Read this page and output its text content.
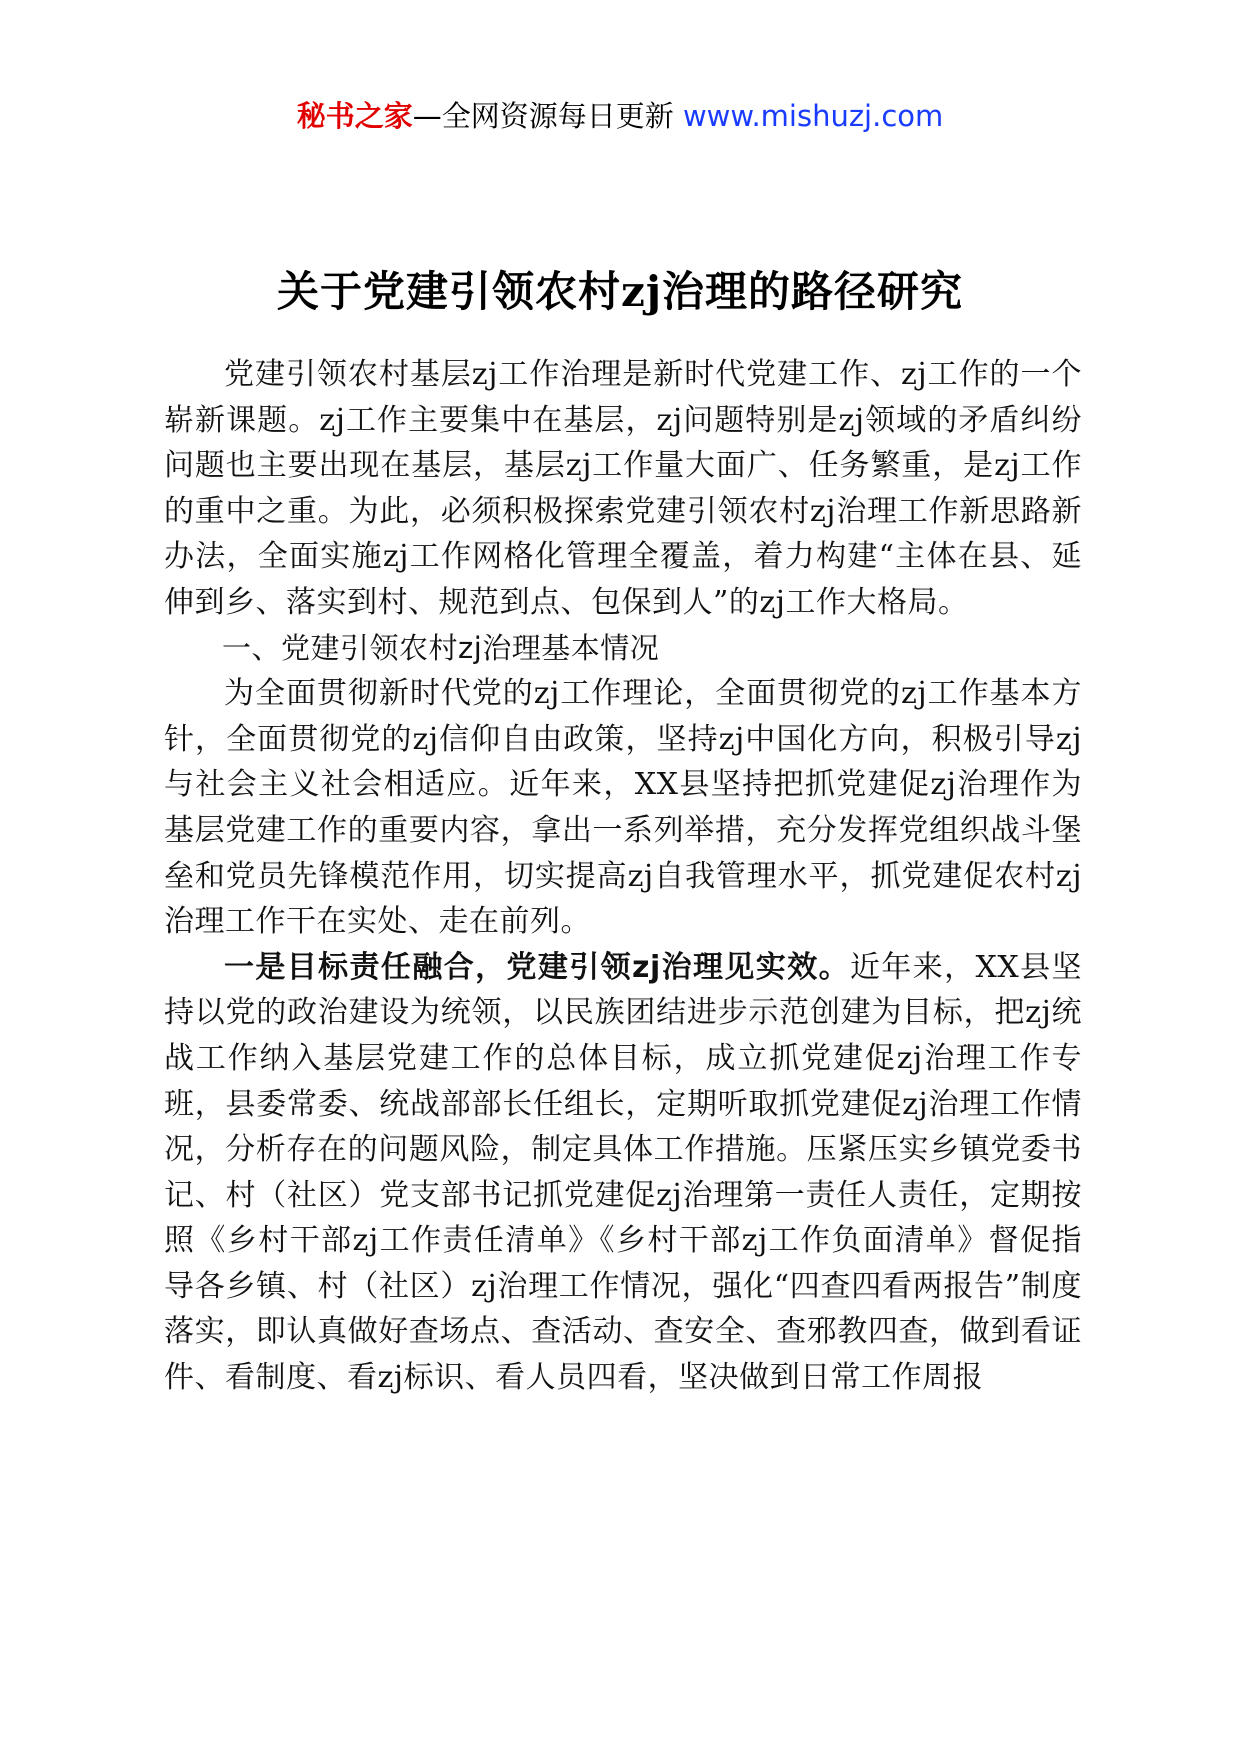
秘书之家—全网资源每日更新 www.mishuzj.com
关于党建引领农村zj治理的路径研究

党建引领农村基层zj工作治理是新时代党建工作、zj工作的一个崭新课题。zj工作主要集中在基层，zj问题特别是zj领域的矛盾纠纷问题也主要出现在基层，基层zj工作量大面广、任务繁重，是zj工作的重中之重。为此，必须积极探索党建引领农村zj治理工作新思路新办法，全面实施zj工作网格化管理全覆盖，着力构建“主体在县、延伸到乡、落实到村、规范到点、包保到人”的zj工作大格局。

一、党建引领农村zj治理基本情况

为全面贯彻新时代党的zj工作理论，全面贯彻党的zj工作基本方针，全面贯彻党的zj信仰自由政策，坚持zj中国化方向，积极引导zj与社会主义社会相适应。近年来，XX县坚持把抓党建促zj治理作为基层党建工作的重要内容，拿出一系列举措，充分发挥党组织战斗堡垒和党员先锋模范作用，切实提高zj自我管理水平，抓党建促农村zj治理工作干在实处、走在前列。

一是目标责任融合，党建引领zj治理见实效。近年来，XX县坚持以党的政治建设为统领，以民族团结进步示范创建为目标，把zj统战工作纳入基层党建工作的总体目标，成立抓党建促zj治理工作专班，县委常委、统战部部长任组长，定期听取抓党建促zj治理工作情况，分析存在的问题风险，制定具体工作措施。压紧压实乡镇党委书记、村（社区）党支部书记抓党建促zj治理第一责任人责任，定期按照《乡村干部zj工作责任清单》《乡村干部zj工作负面清单》督促指导各乡镇、村（社区）zj治理工作情况，强化“四查四看两报告”制度落实，即认真做好查场点、查活动、查安全、查邪教四查，做到看证件、看制度、看zj标识、看人员四看，坚决做到日常工作周报
